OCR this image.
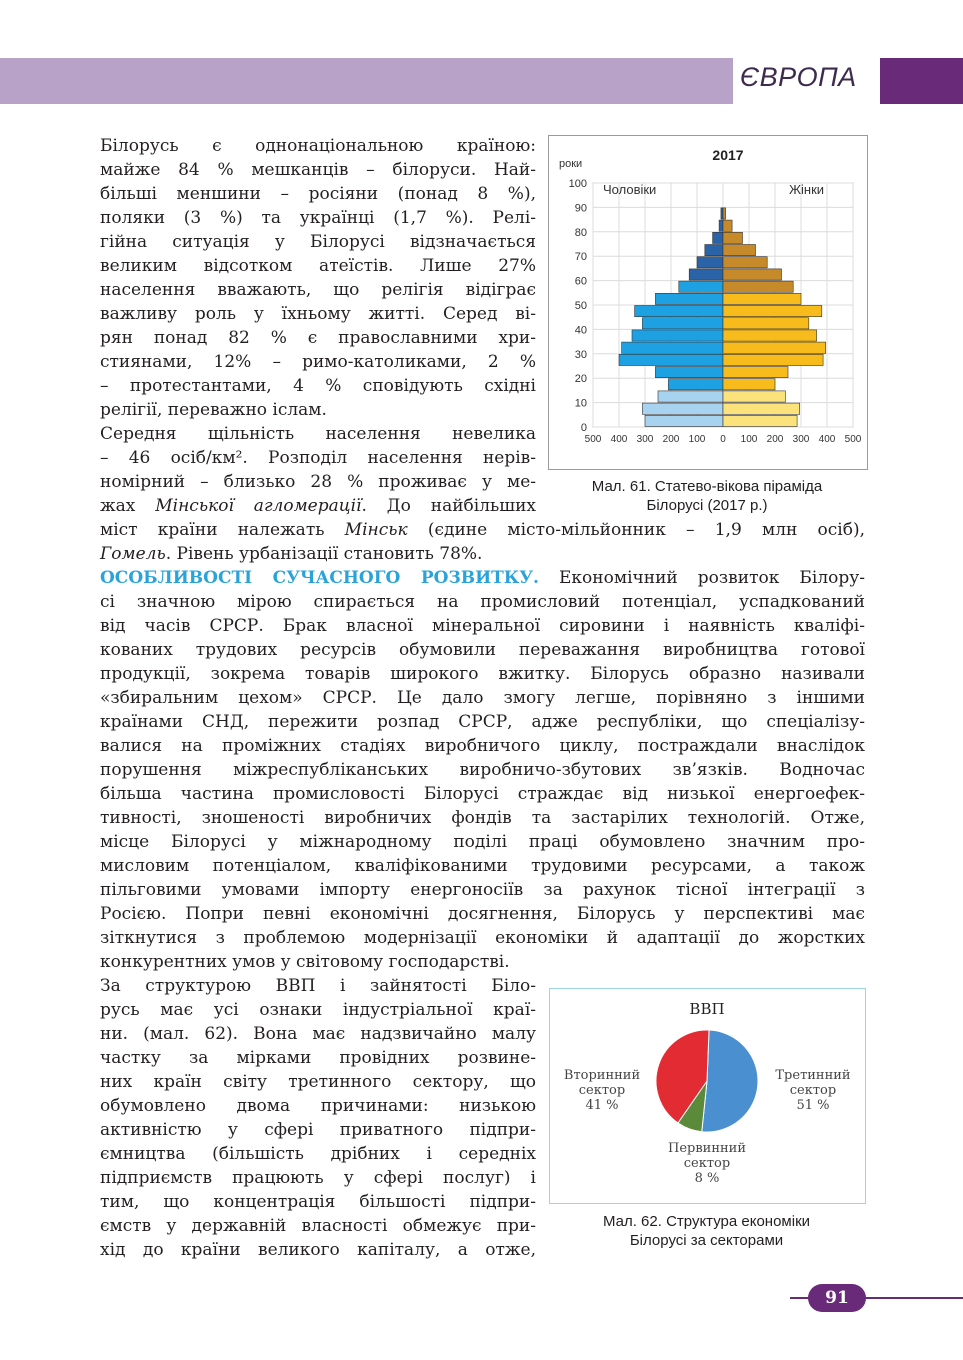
ЄВРОПА
Білорусь є однонаціональною країною:
майже 84 % мешканців – білоруси. Най-
більші меншини – росіяни (понад 8 %),
поляки (3 %) та українці (1,7 %). Релі-
гійна ситуація у Білорусі відзначається
великим відсотком атеїстів. Лише 27%
населення вважають, що релігія відіграє
важливу роль у їхньому житті. Серед ві-
рян понад 82 % є православними хри-
стиянами, 12% – римо-католиками, 2 %
– протестантами, 4 % сповідують східні
релігії, переважно іслам.
Середня щільність населення невелика
– 46 осіб/км². Розподіл населення нерів-
номірний – близько 28 % проживає у ме-
жах Мінської агломерації. До найбільших
міст країни належать Мінськ (єдине місто-мільйонник – 1,9 млн осіб),
Гомель. Рівень урбанізації становить 78%.
ОСОБЛИВОСТІ СУЧАСНОГО РОЗВИТКУ. Економічний розвиток Білору-
сі значною мірою спирається на промисловий потенціал, успадкований
від часів СРСР. Брак власної мінеральної сировини і наявність кваліфі-
кованих трудових ресурсів обумовили переважання виробництва готової
продукції, зокрема товарів широкого вжитку. Білорусь образно називали
«збиральним цехом» СРСР. Це дало змогу легше, порівняно з іншими
країнами СНД, пережити розпад СРСР, адже республіки, що спеціалізу-
валися на проміжних стадіях виробничого циклу, постраждали внаслідок
порушення міжреспубліканських виробничо-збутових зв’язків. Водночас
більша частина промисловості Білорусі страждає від низької енергоефек-
тивності, зношеності виробничих фондів та застарілих технологій. Отже,
місце Білорусі у міжнародному поділі праці обумовлено значним про-
мисловим потенціалом, кваліфікованими трудовими ресурсами, а також
пільговими умовами імпорту енергоносіїв за рахунок тісної інтеграції з
Росією. Попри певні економічні досягнення, Білорусь у перспективі має
зіткнутися з проблемою модернізації економіки й адаптації до жорстких
конкурентних умов у світовому господарстві.
За структурою ВВП і зайнятості Біло-
русь має усі ознаки індустріальної краї-
ни. (мал. 62). Вона має надзвичайно малу
частку за мірками провідних розвине-
них країн світу третинного сектору, що
обумовлено двома причинами: низькою
активністю у сфері приватного підпри-
ємництва (більшість дрібних і середніх
підприємств працюють у сфері послуг) і
тим, що концентрація більшості підпри-
ємств у державній власності обмежує при-
хід до країни великого капіталу, а отже,
500 400 300 200 100 0 100 200 300 400 500
0
10
20
30
40
50
60
70
80
90
100
2017
роки
Чоловіки	Жінки
Мал. 61. Статево-вікова піраміда
Білорусі (2017 р.)
ВВП
Третинний
сектор
51 %
Первинний
сектор
8 %
Вторинний
сектор
41 %
Мал. 62. Структура економіки
Білорусі за секторами
91
